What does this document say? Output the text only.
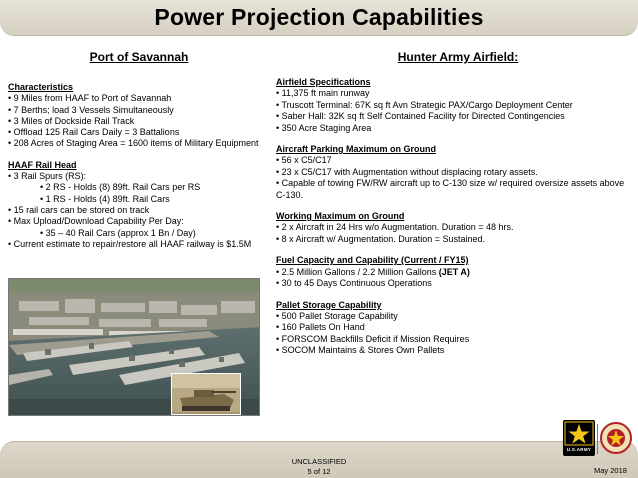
Power Projection Capabilities
Port of Savannah	Hunter Army Airfield:
Characteristics
• 9 Miles from HAAF to Port of Savannah
• 7 Berths; load 3 Vessels Simultaneously
• 3 Miles of Dockside Rail Track
• Offload 125 Rail Cars Daily = 3 Battalions
• 208 Acres of Staging Area = 1600 items of Military Equipment
HAAF Rail Head
• 3 Rail Spurs (RS):
• 2 RS - Holds (8) 89ft. Rail Cars per RS
• 1 RS - Holds (4) 89ft. Rail Cars
• 15 rail cars can be stored on track
• Max Upload/Download Capability Per Day:
• 35 – 40 Rail Cars (approx 1 Bn / Day)
• Current estimate to repair/restore all HAAF railway is $1.5M
Airfield Specifications
• 11,375 ft main runway
• Truscott Terminal: 67K sq ft Avn Strategic PAX/Cargo Deployment Center
• Saber Hall: 32K sq ft Self Contained Facility for Directed Contingencies
• 350 Acre Staging Area
Aircraft Parking Maximum on Ground
• 56 x C5/C17
• 23 x C5/C17 with Augmentation without displacing rotary assets.
• Capable of towing FW/RW aircraft up to C-130 size w/ required oversize assets above C-130.
Working Maximum on Ground
• 2 x Aircraft in 24 Hrs w/o Augmentation. Duration = 48 hrs.
• 8 x Aircraft w/ Augmentation. Duration = Sustained.
Fuel Capacity and Capability (Current / FY15)
• 2.5 Million Gallons / 2.2 Million Gallons (JET A)
• 30 to 45 Days Continuous Operations
Pallet Storage Capability
• 500 Pallet Storage Capability
• 160 Pallets On Hand
• FORSCOM Backfills Deficit if Mission Requires
• SOCOM Maintains & Stores Own Pallets
UNCLASSIFIED
5 of 12	May 2018
U.S.ARMY
